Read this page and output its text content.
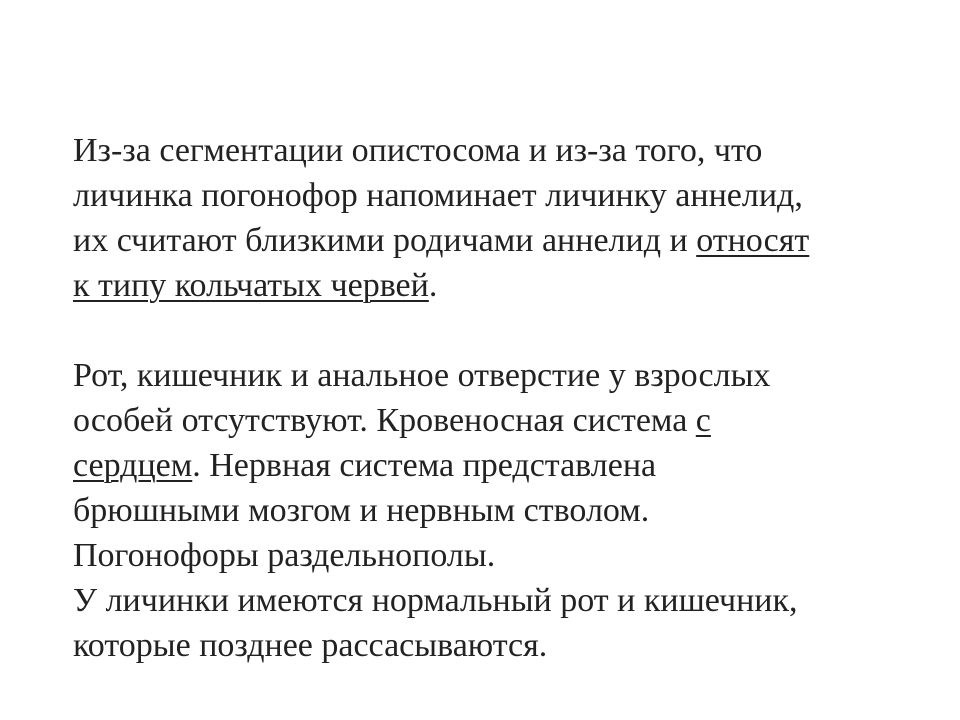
Из-за сегментации опистосома и из-за того, что
личинка погонофор напоминает личинку аннелид,
их считают близкими родичами аннелид и относят
к типу кольчатых червей.

Рот, кишечник и анальное отверстие у взрослых
особей отсутствуют. Кровеносная система с
сердцем. Нервная система представлена
брюшными мозгом и нервным стволом.
Погонофоры раздельнополы.
У личинки имеются нормальный рот и кишечник,
которые позднее рассасываются.
